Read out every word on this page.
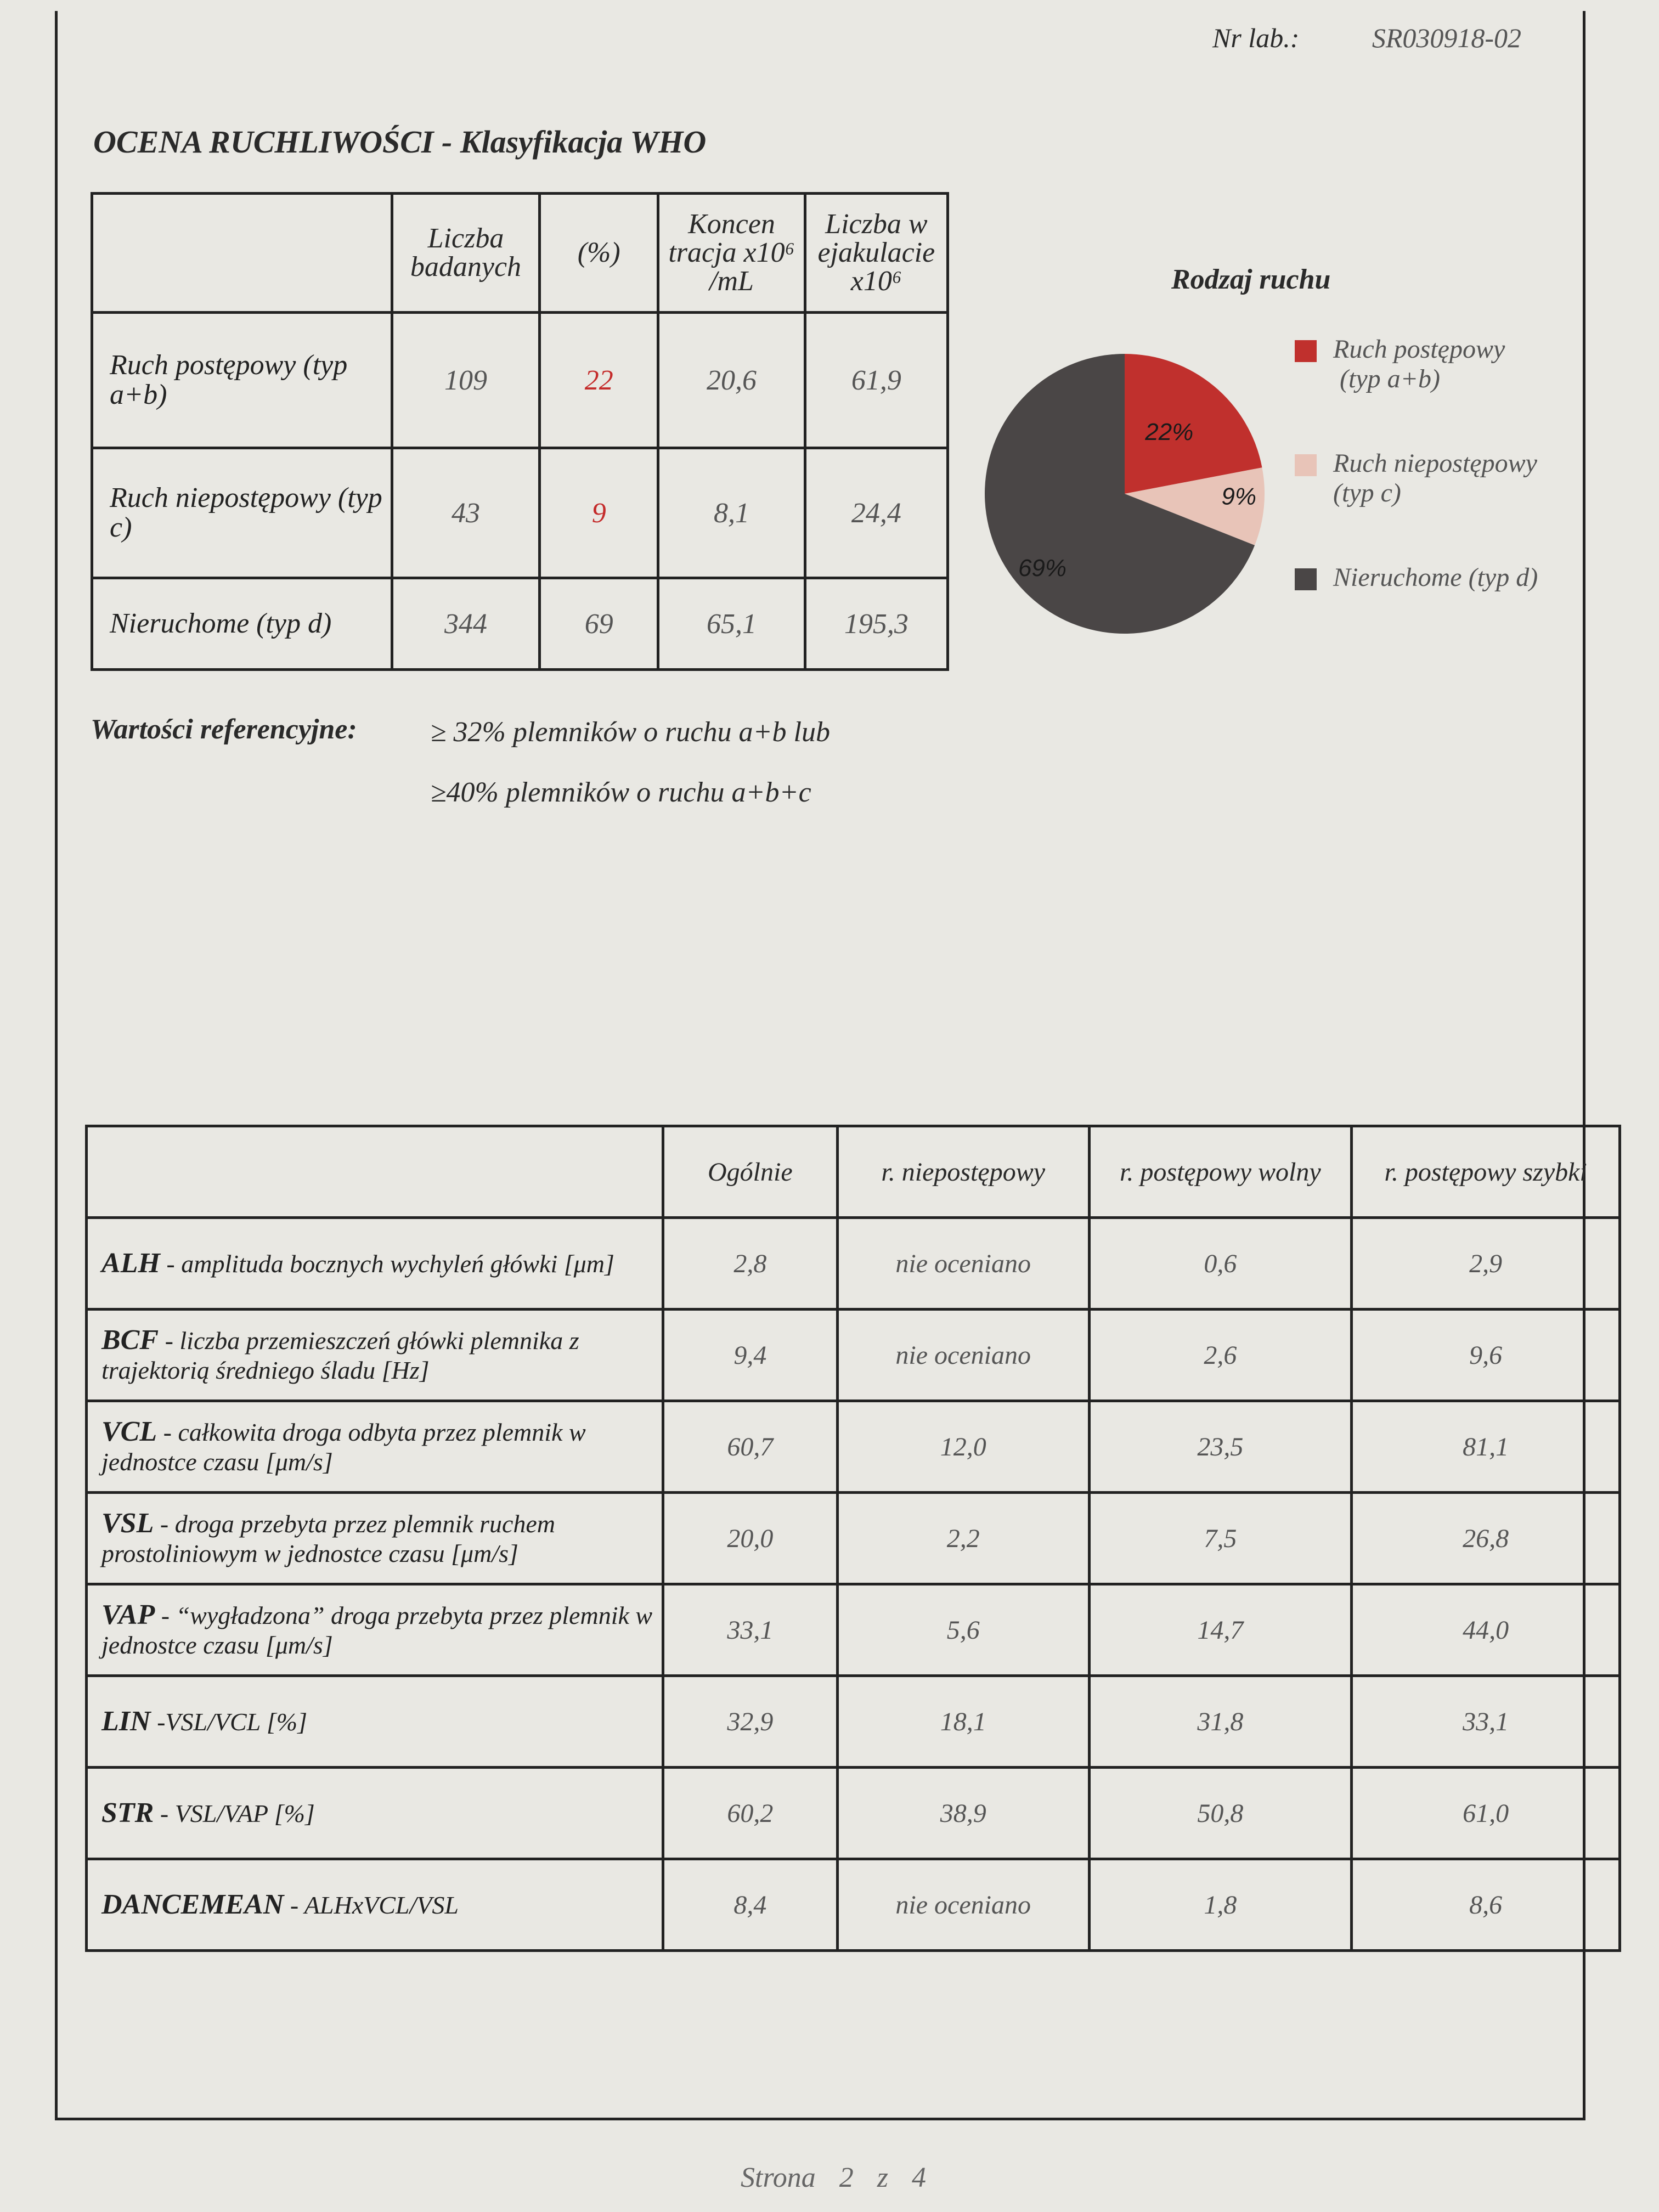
Nr lab.:	SR030918-02
OCENA RUCHLIWOŚCI - Klasyfikacja WHO
	Liczba badanych	(%)	Koncen tracja x10⁶ /mL	Liczba w ejakulacie x10⁶
Ruch postępowy (typ a+b)	109	22	20,6	61,9
Ruch niepostępowy (typ c)	43	9	8,1	24,4
Nieruchome (typ d)	344	69	65,1	195,3
Rodzaj ruchu
22%
9%
69%
Ruch postępowy
(typ a+b)
Ruch niepostępowy
(typ c)
Nieruchome (typ d)
Wartości referencyjne:	≥ 32% plemników o ruchu a+b lub
≥40% plemników o ruchu a+b+c
	Ogólnie	r. niepostępowy	r. postępowy wolny	r. postępowy szybki
ALH - amplituda bocznych wychyleń główki [μm]	2,8	nie oceniano	0,6	2,9
BCF - liczba przemieszczeń główki plemnika z trajektorią średniego śladu [Hz]	9,4	nie oceniano	2,6	9,6
VCL - całkowita droga odbyta przez plemnik w jednostce czasu [μm/s]	60,7	12,0	23,5	81,1
VSL - droga przebyta przez plemnik ruchem prostoliniowym w jednostce czasu [μm/s]	20,0	2,2	7,5	26,8
VAP - “wygładzona” droga przebyta przez plemnik w jednostce czasu [μm/s]	33,1	5,6	14,7	44,0
LIN -VSL/VCL [%]	32,9	18,1	31,8	33,1
STR - VSL/VAP [%]	60,2	38,9	50,8	61,0
DANCEMEAN - ALHxVCL/VSL	8,4	nie oceniano	1,8	8,6
Strona 2 z 4
